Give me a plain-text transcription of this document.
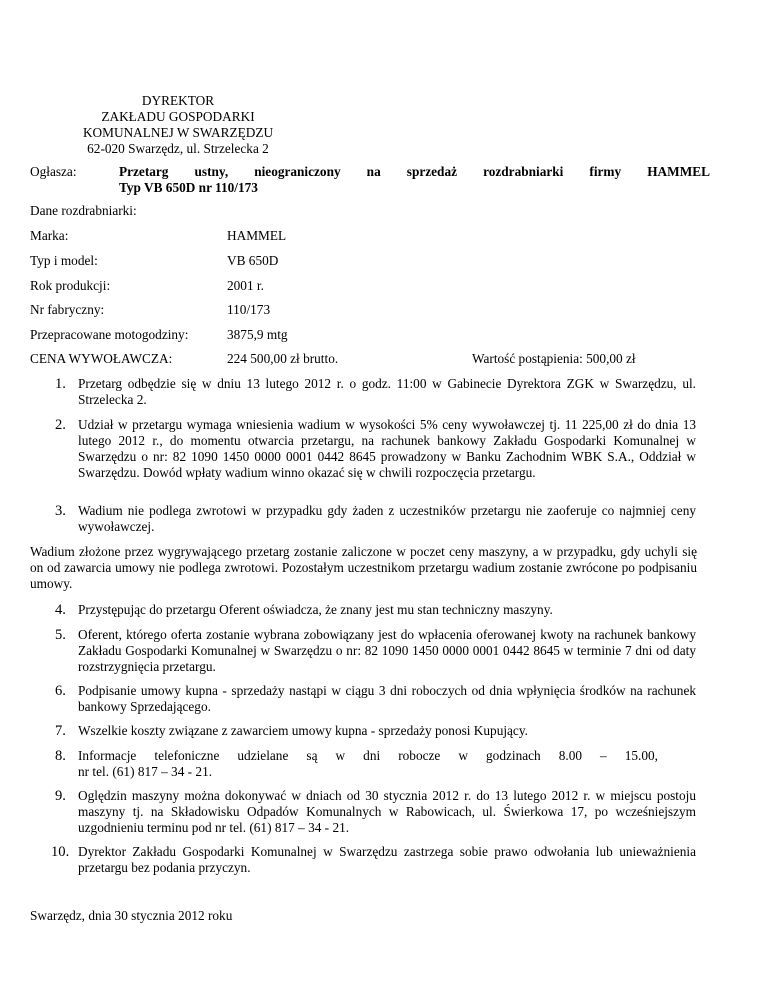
DYREKTOR
ZAKŁADU GOSPODARKI
KOMUNALNEJ W SWARZĘDZU
62-020 Swarzędz, ul. Strzelecka 2
Ogłasza:	Przetarg ustny, nieograniczony na sprzedaż rozdrabniarki firmy HAMMEL
Typ VB 650D nr 110/173
Dane rozdrabniarki:
Marka:	HAMMEL
Typ i model:	VB 650D
Rok produkcji:	2001 r.
Nr fabryczny:	110/173
Przepracowane motogodziny:	3875,9 mtg
CENA WYWOŁAWCZA:	224 500,00 zł brutto.	Wartość postąpienia: 500,00 zł
1. Przetarg odbędzie się w dniu 13 lutego 2012 r. o godz. 11:00 w Gabinecie Dyrektora ZGK w Swarzędzu, ul. Strzelecka 2.
2. Udział w przetargu wymaga wniesienia wadium w wysokości 5% ceny wywoławczej tj. 11 225,00 zł do dnia 13 lutego 2012 r., do momentu otwarcia przetargu, na rachunek bankowy Zakładu Gospodarki Komunalnej w Swarzędzu o nr: 82 1090 1450 0000 0001 0442 8645 prowadzony w Banku Zachodnim WBK S.A., Oddział w Swarzędzu. Dowód wpłaty wadium winno okazać się w chwili rozpoczęcia przetargu.
3. Wadium nie podlega zwrotowi w przypadku gdy żaden z uczestników przetargu nie zaoferuje co najmniej ceny wywoławczej.
Wadium złożone przez wygrywającego przetarg zostanie zaliczone w poczet ceny maszyny, a w przypadku, gdy uchyli się on od zawarcia umowy nie podlega zwrotowi. Pozostałym uczestnikom przetargu wadium zostanie zwrócone po podpisaniu umowy.
4. Przystępując do przetargu Oferent oświadcza, że znany jest mu stan techniczny maszyny.
5. Oferent, którego oferta zostanie wybrana zobowiązany jest do wpłacenia oferowanej kwoty na rachunek bankowy Zakładu Gospodarki Komunalnej w Swarzędzu o nr: 82 1090 1450 0000 0001 0442 8645 w terminie 7 dni od daty rozstrzygnięcia przetargu.
6. Podpisanie umowy kupna - sprzedaży nastąpi w ciągu 3 dni roboczych od dnia wpłynięcia środków na rachunek bankowy Sprzedającego.
7. Wszelkie koszty związane z zawarciem umowy kupna - sprzedaży ponosi Kupujący.
8. Informacje telefoniczne udzielane są w dni robocze w godzinach 8.00 – 15.00,
nr tel. (61) 817 – 34 - 21.
9. Oględzin maszyny można dokonywać w dniach od 30 stycznia 2012 r. do 13 lutego 2012 r. w miejscu postoju maszyny tj. na Składowisku Odpadów Komunalnych w Rabowicach, ul. Świerkowa 17, po wcześniejszym uzgodnieniu terminu pod nr tel. (61) 817 – 34 - 21.
10. Dyrektor Zakładu Gospodarki Komunalnej w Swarzędzu zastrzega sobie prawo odwołania lub unieważnienia przetargu bez podania przyczyn.
Swarzędz, dnia 30 stycznia 2012 roku
